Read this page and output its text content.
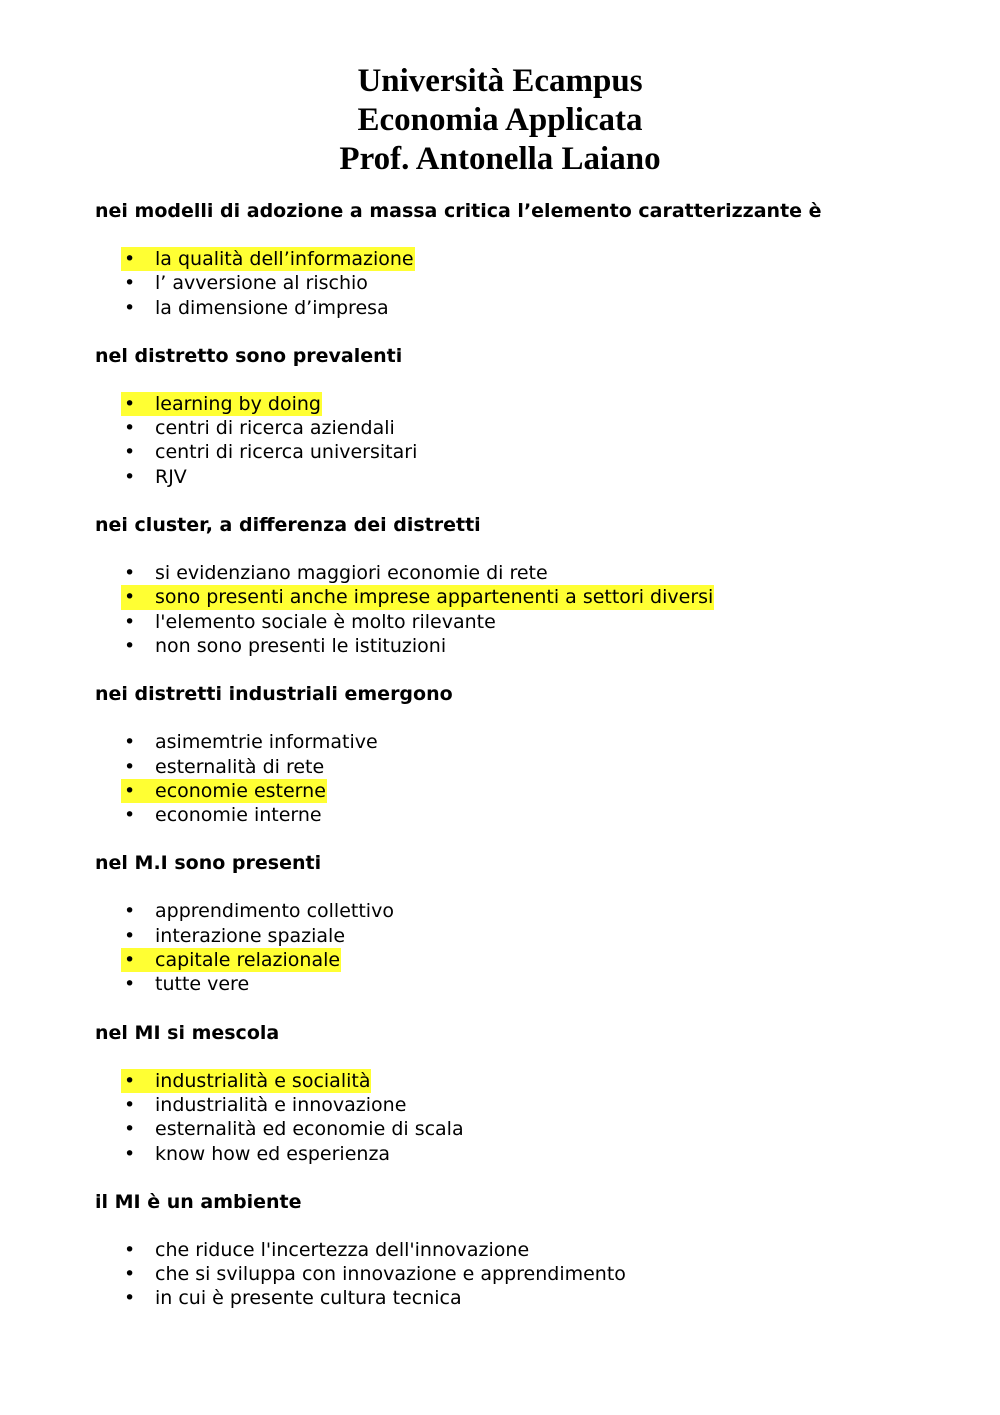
Università Ecampus
Economia Applicata
Prof. Antonella Laiano
nei modelli di adozione a massa critica l’elemento caratterizzante è
• la qualità dell’informazione
• l’ avversione al rischio
• la dimensione d’impresa
nel distretto sono prevalenti
• learning by doing
• centri di ricerca aziendali
• centri di ricerca universitari
• RJV
nei cluster, a differenza dei distretti
• si evidenziano maggiori economie di rete
• sono presenti anche imprese appartenenti a settori diversi
• l'elemento sociale è molto rilevante
• non sono presenti le istituzioni
nei distretti industriali emergono
• asimemtrie informative
• esternalità di rete
• economie esterne
• economie interne
nel M.I sono presenti
• apprendimento collettivo
• interazione spaziale
• capitale relazionale
• tutte vere
nel MI si mescola
• industrialità e socialità
• industrialità e innovazione
• esternalità ed economie di scala
• know how ed esperienza
il MI è un ambiente
• che riduce l'incertezza dell'innovazione
• che si sviluppa con innovazione e apprendimento
• in cui è presente cultura tecnica
